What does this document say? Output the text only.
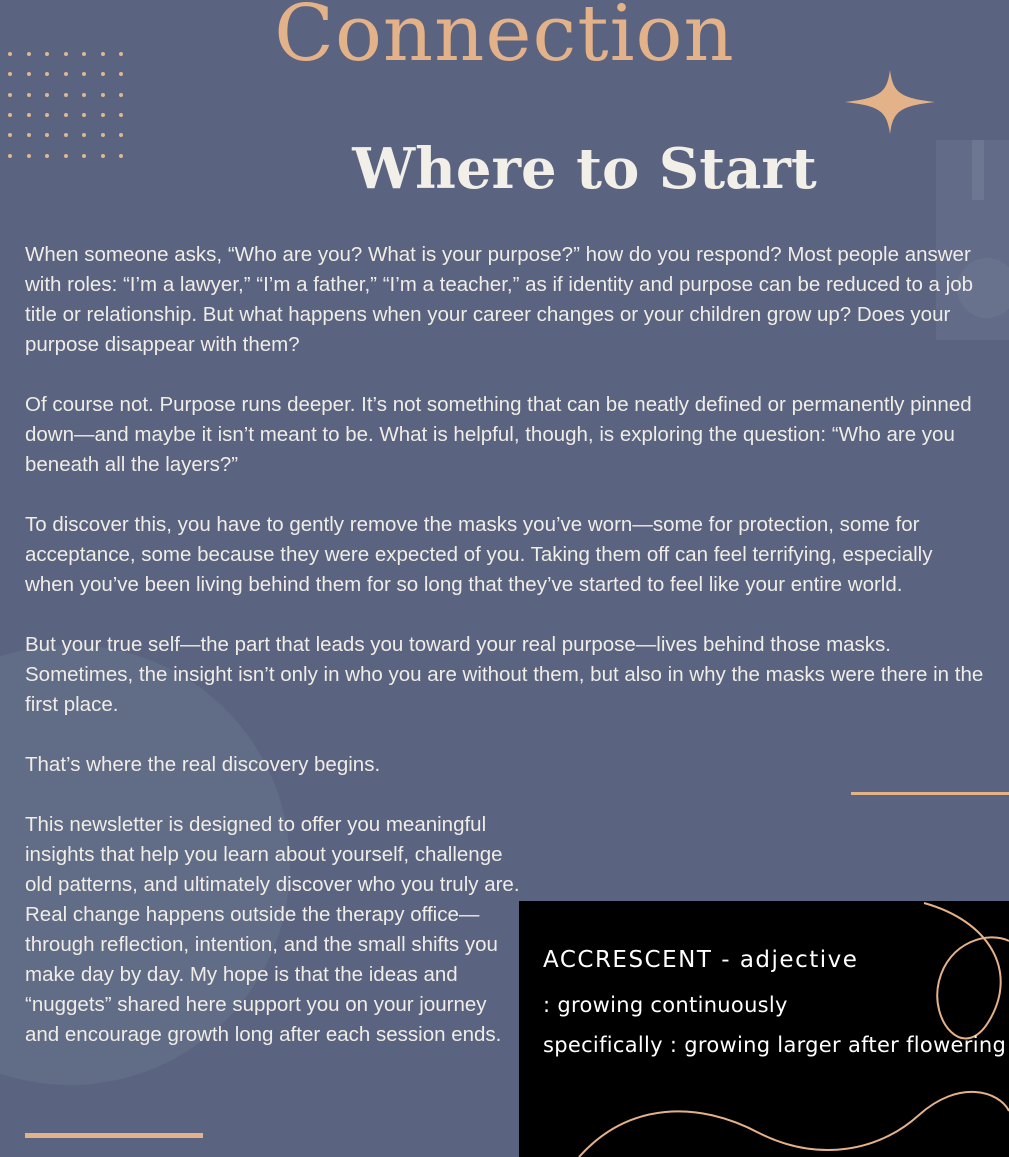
Connection
Where to Start

When someone asks, “Who are you? What is your purpose?” how do you respond? Most people answer with roles: “I’m a lawyer,” “I’m a father,” “I’m a teacher,” as if identity and purpose can be reduced to a job title or relationship. But what happens when your career changes or your children grow up? Does your purpose disappear with them?

Of course not. Purpose runs deeper. It’s not something that can be neatly defined or permanently pinned down—and maybe it isn’t meant to be. What is helpful, though, is exploring the question: “Who are you beneath all the layers?”

To discover this, you have to gently remove the masks you’ve worn—some for protection, some for acceptance, some because they were expected of you. Taking them off can feel terrifying, especially when you’ve been living behind them for so long that they’ve started to feel like your entire world.

But your true self—the part that leads you toward your real purpose—lives behind those masks. Sometimes, the insight isn’t only in who you are without them, but also in why the masks were there in the first place.

That’s where the real discovery begins.

This newsletter is designed to offer you meaningful insights that help you learn about yourself, challenge old patterns, and ultimately discover who you truly are. Real change happens outside the therapy office—through reflection, intention, and the small shifts you make day by day. My hope is that the ideas and “nuggets” shared here support you on your journey and encourage growth long after each session ends.

ACCRESCENT - adjective
: growing continuously
specifically : growing larger after flowering
